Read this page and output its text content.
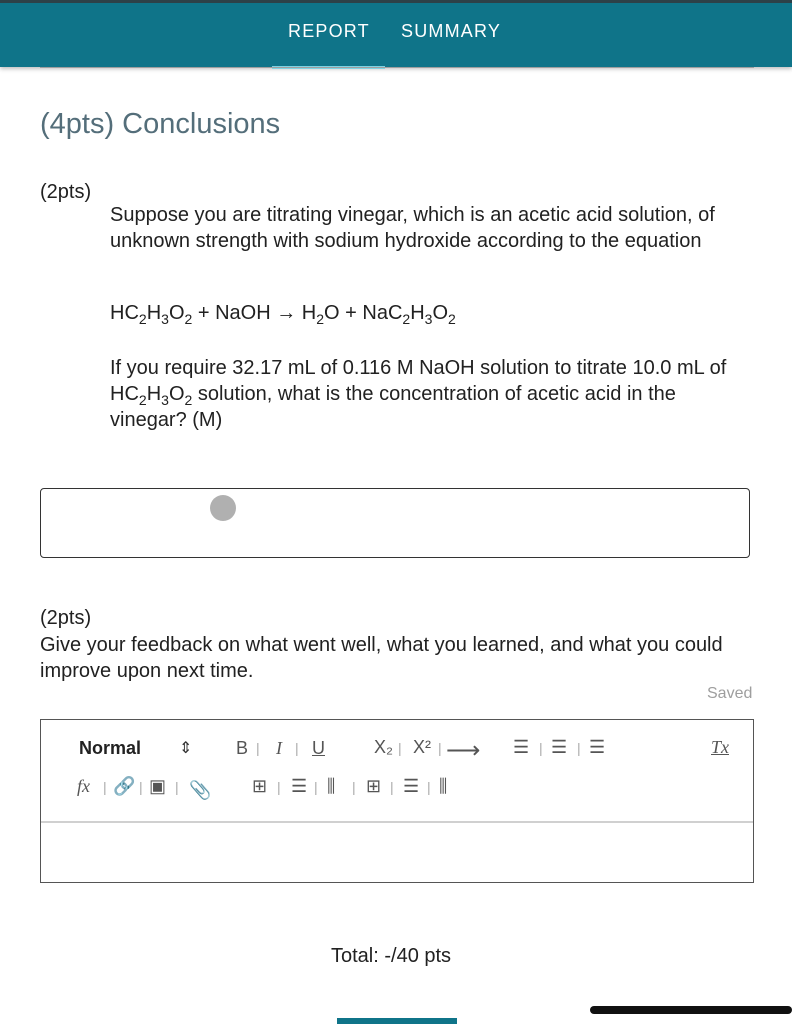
REPORT SUMMARY
(4pts) Conclusions
(2pts)
Suppose you are titrating vinegar, which is an acetic acid solution, of unknown strength with sodium hydroxide according to the equation
$HC_2H_3O_2$ + NaOH → $H_2O + NaC_2H_3O_2$
If you require 32.17 mL of 0.116 M NaOH solution to titrate 10.0 mL of $HC_2H_3O_2$ solution, what is the concentration of acetic acid in the vinegar? (M)
(2pts)
Give your feedback on what went well, what you learned, and what you could improve upon next time.
Saved
Normal ⇕ B | I | U	X₂ | X² | ⟶ ☰ | ☰ | ☰	Tx
fx | 🔗 | ▣ | 📎 ⊞ | ☰ | ⫼ | ⊞ | ☰ | ⫼
Total: -/40 pts
